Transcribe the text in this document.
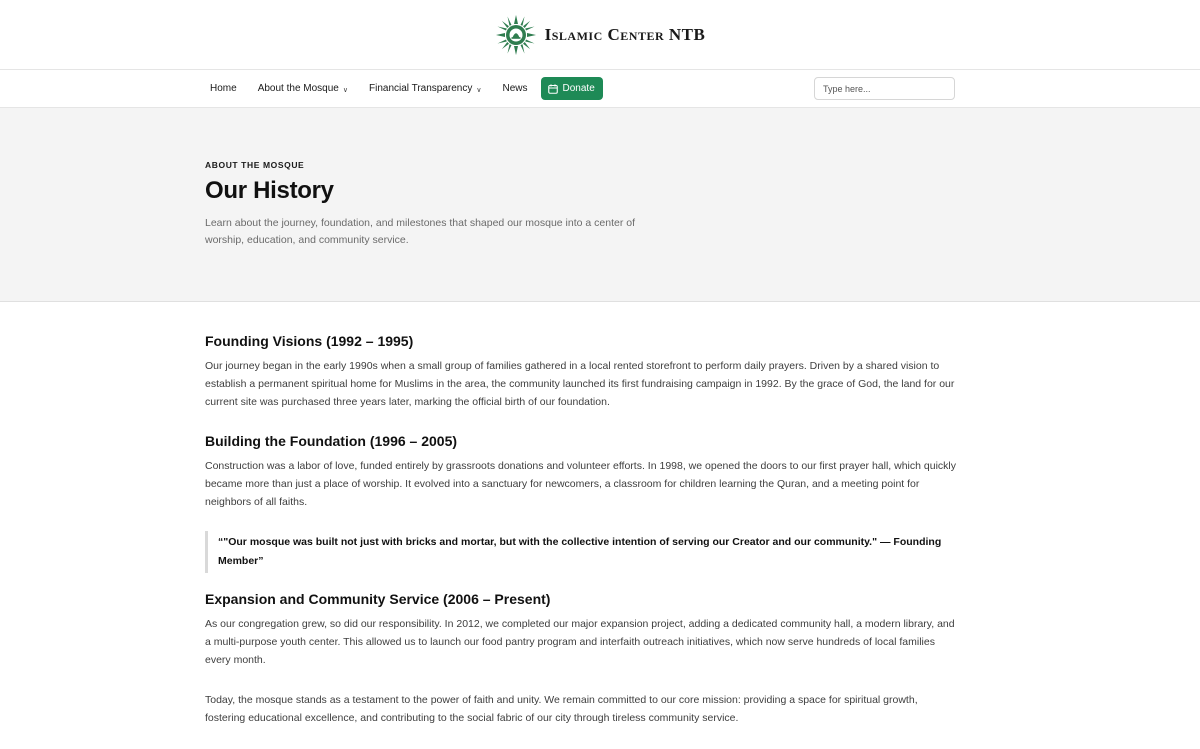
Islamic Center NTB
Home About the Mosque ∨ Financial Transparency ∨ News	Donate
Type here...
ABOUT THE MOSQUE
Our History

Learn about the journey, foundation, and milestones that shaped our mosque into a center of worship, education, and community service.

Founding Visions (1992 – 1995)

Our journey began in the early 1990s when a small group of families gathered in a local rented storefront to perform daily prayers. Driven by a shared vision to establish a permanent spiritual home for Muslims in the area, the community launched its first fundraising campaign in 1992. By the grace of God, the land for our current site was purchased three years later, marking the official birth of our foundation.

Building the Foundation (1996 – 2005)

Construction was a labor of love, funded entirely by grassroots donations and volunteer efforts. In 1998, we opened the doors to our first prayer hall, which quickly became more than just a place of worship. It evolved into a sanctuary for newcomers, a classroom for children learning the Quran, and a meeting point for neighbors of all faiths.

“"Our mosque was built not just with bricks and mortar, but with the collective intention of serving our Creator and our community." — Founding Member”
Expansion and Community Service (2006 – Present)

As our congregation grew, so did our responsibility. In 2012, we completed our major expansion project, adding a dedicated community hall, a modern library, and a multi-purpose youth center. This allowed us to launch our food pantry program and interfaith outreach initiatives, which now serve hundreds of local families every month.

Today, the mosque stands as a testament to the power of faith and unity. We remain committed to our core mission: providing a space for spiritual growth, fostering educational excellence, and contributing to the social fabric of our city through tireless community service.
